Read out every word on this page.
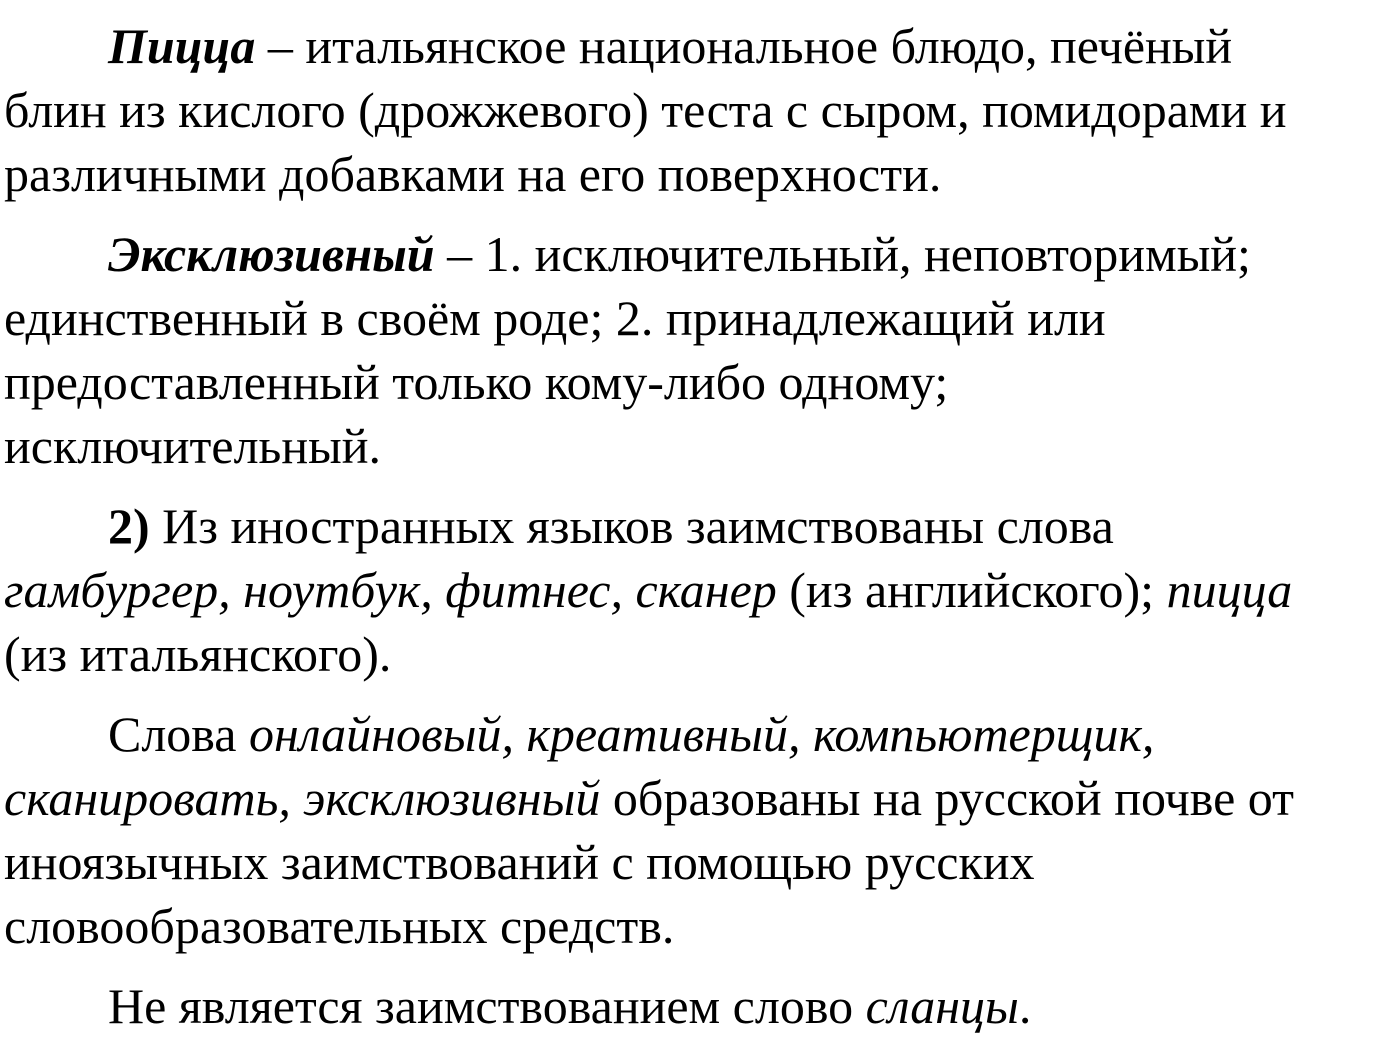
Пицца – итальянское национальное блюдо, печёный
блин из кислого (дрожжевого) теста с сыром, помидорами и
различными добавками на его поверхности.

Эксклюзивный – 1. исключительный, неповторимый;
единственный в своём роде; 2. принадлежащий или
предоставленный только кому-либо одному;
исключительный.

2) Из иностранных языков заимствованы слова
гамбургер, ноутбук, фитнес, сканер (из английского); пицца
(из итальянского).

Слова онлайновый, креативный, компьютерщик,
сканировать, эксклюзивный образованы на русской почве от
иноязычных заимствований с помощью русских
словообразовательных средств.

Не является заимствованием слово сланцы.
